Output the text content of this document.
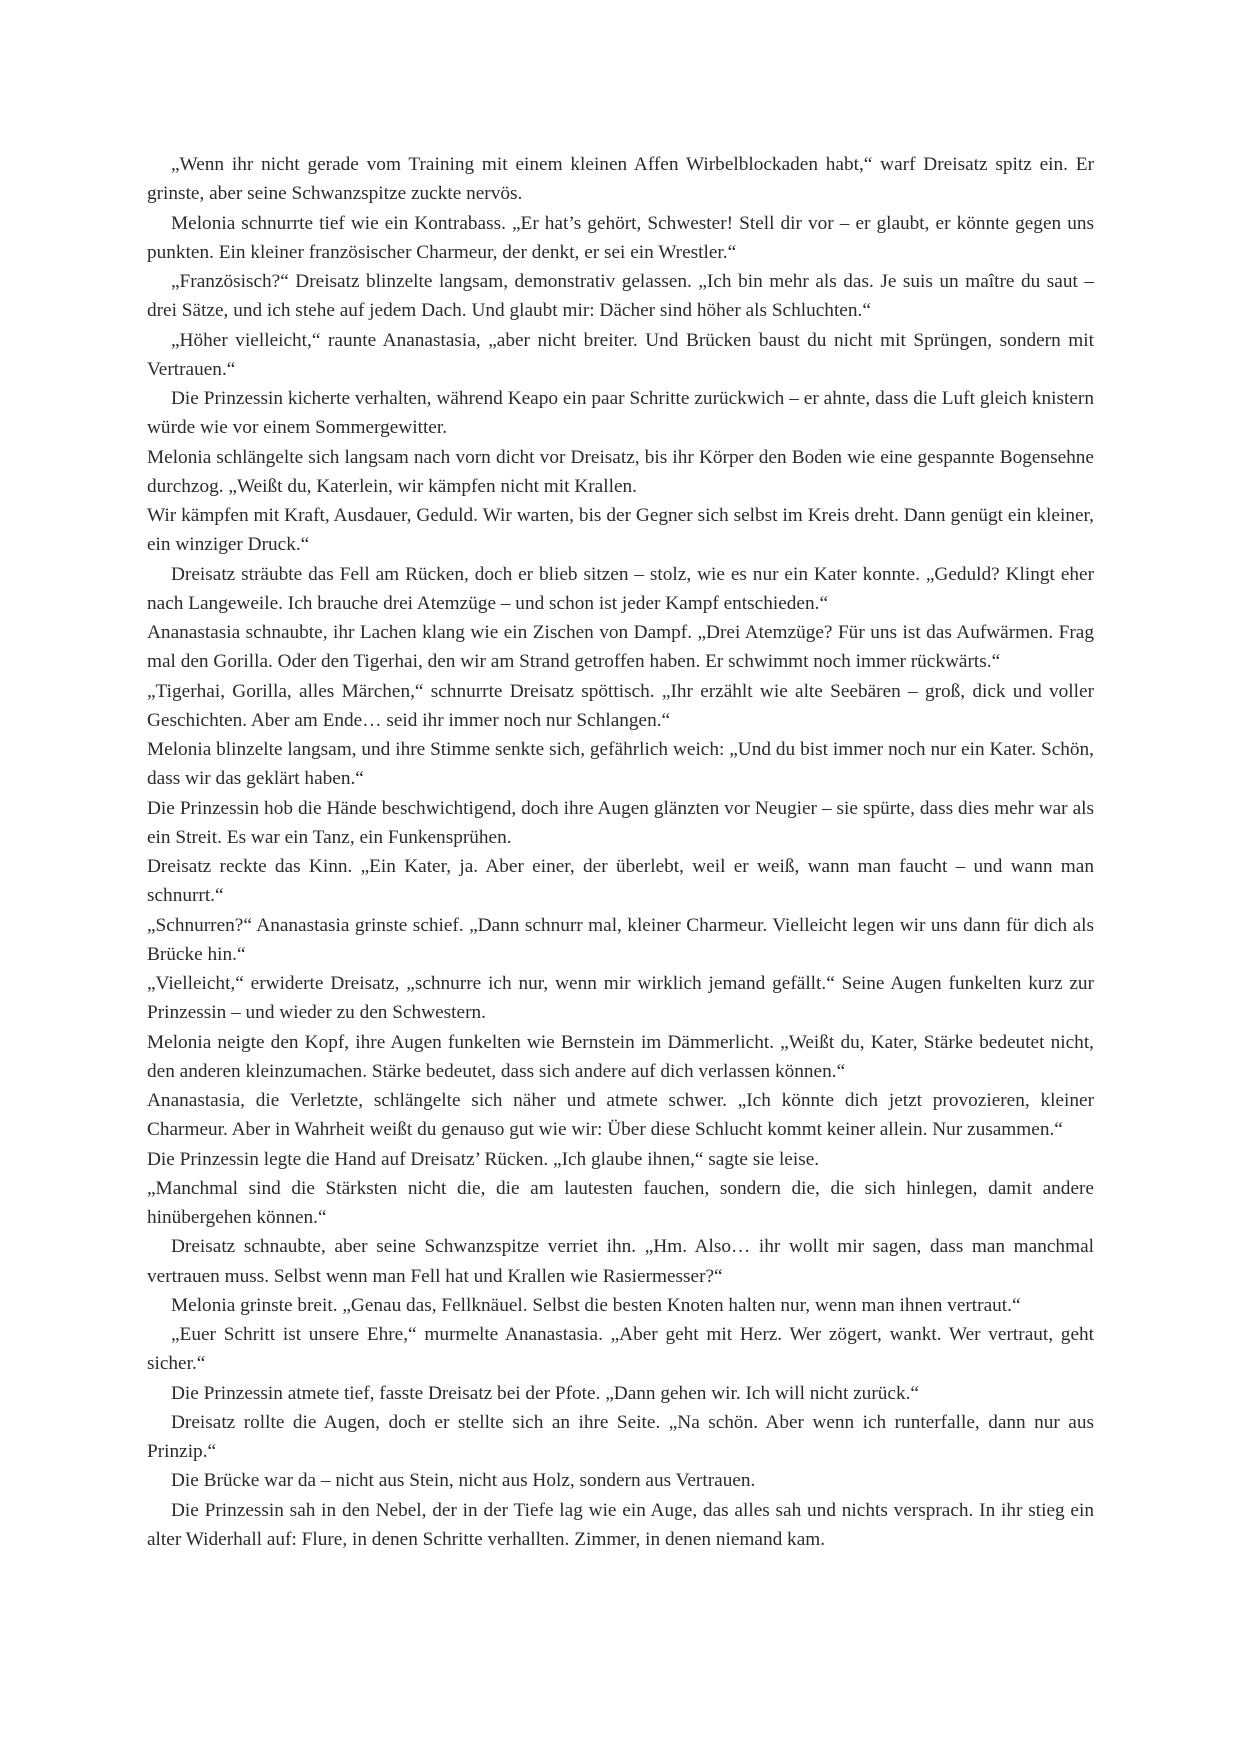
„Wenn ihr nicht gerade vom Training mit einem kleinen Affen Wirbelblockaden habt,“ warf Dreisatz spitz ein. Er grinste, aber seine Schwanzspitze zuckte nervös.

Melonia schnurrte tief wie ein Kontrabass. „Er hat’s gehört, Schwester! Stell dir vor – er glaubt, er könnte gegen uns punkten. Ein kleiner französischer Charmeur, der denkt, er sei ein Wrestler.“

„Französisch?“ Dreisatz blinzelte langsam, demonstrativ gelassen. „Ich bin mehr als das. Je suis un maître du saut – drei Sätze, und ich stehe auf jedem Dach. Und glaubt mir: Dächer sind höher als Schluchten.“

„Höher vielleicht,“ raunte Ananastasia, „aber nicht breiter. Und Brücken baust du nicht mit Sprüngen, sondern mit Vertrauen.“

Die Prinzessin kicherte verhalten, während Keapo ein paar Schritte zurückwich – er ahnte, dass die Luft gleich knistern würde wie vor einem Sommergewitter.

Melonia schlängelte sich langsam nach vorn dicht vor Dreisatz, bis ihr Körper den Boden wie eine gespannte Bogensehne durchzog. „Weißt du, Katerlein, wir kämpfen nicht mit Krallen.

Wir kämpfen mit Kraft, Ausdauer, Geduld. Wir warten, bis der Gegner sich selbst im Kreis dreht. Dann genügt ein kleiner, ein winziger Druck.“

Dreisatz sträubte das Fell am Rücken, doch er blieb sitzen – stolz, wie es nur ein Kater konnte. „Geduld? Klingt eher nach Langeweile. Ich brauche drei Atemzüge – und schon ist jeder Kampf entschieden.“

Ananastasia schnaubte, ihr Lachen klang wie ein Zischen von Dampf. „Drei Atemzüge? Für uns ist das Aufwärmen. Frag mal den Gorilla. Oder den Tigerhai, den wir am Strand getroffen haben. Er schwimmt noch immer rückwärts.“

„Tigerhai, Gorilla, alles Märchen,“ schnurrte Dreisatz spöttisch. „Ihr erzählt wie alte Seebären – groß, dick und voller Geschichten. Aber am Ende… seid ihr immer noch nur Schlangen.“

Melonia blinzelte langsam, und ihre Stimme senkte sich, gefährlich weich: „Und du bist immer noch nur ein Kater. Schön, dass wir das geklärt haben.“

Die Prinzessin hob die Hände beschwichtigend, doch ihre Augen glänzten vor Neugier – sie spürte, dass dies mehr war als ein Streit. Es war ein Tanz, ein Funkensprühen.

Dreisatz reckte das Kinn. „Ein Kater, ja. Aber einer, der überlebt, weil er weiß, wann man faucht – und wann man schnurrt.“

„Schnurren?“ Ananastasia grinste schief. „Dann schnurr mal, kleiner Charmeur. Vielleicht legen wir uns dann für dich als Brücke hin.“

„Vielleicht,“ erwiderte Dreisatz, „schnurre ich nur, wenn mir wirklich jemand gefällt.“ Seine Augen funkelten kurz zur Prinzessin – und wieder zu den Schwestern.

Melonia neigte den Kopf, ihre Augen funkelten wie Bernstein im Dämmerlicht. „Weißt du, Kater, Stärke bedeutet nicht, den anderen kleinzumachen. Stärke bedeutet, dass sich andere auf dich verlassen können.“

Ananastasia, die Verletzte, schlängelte sich näher und atmete schwer. „Ich könnte dich jetzt provozieren, kleiner Charmeur. Aber in Wahrheit weißt du genauso gut wie wir: Über diese Schlucht kommt keiner allein. Nur zusammen.“

Die Prinzessin legte die Hand auf Dreisatz’ Rücken. „Ich glaube ihnen,“ sagte sie leise.

„Manchmal sind die Stärksten nicht die, die am lautesten fauchen, sondern die, die sich hinlegen, damit andere hinübergehen können.“

Dreisatz schnaubte, aber seine Schwanzspitze verriet ihn. „Hm. Also… ihr wollt mir sagen, dass man manchmal vertrauen muss. Selbst wenn man Fell hat und Krallen wie Rasiermesser?“

Melonia grinste breit. „Genau das, Fellknäuel. Selbst die besten Knoten halten nur, wenn man ihnen vertraut.“

„Euer Schritt ist unsere Ehre,“ murmelte Ananastasia. „Aber geht mit Herz. Wer zögert, wankt. Wer vertraut, geht sicher.“

Die Prinzessin atmete tief, fasste Dreisatz bei der Pfote. „Dann gehen wir. Ich will nicht zurück.“

Dreisatz rollte die Augen, doch er stellte sich an ihre Seite. „Na schön. Aber wenn ich runterfalle, dann nur aus Prinzip.“

Die Brücke war da – nicht aus Stein, nicht aus Holz, sondern aus Vertrauen.

Die Prinzessin sah in den Nebel, der in der Tiefe lag wie ein Auge, das alles sah und nichts versprach. In ihr stieg ein alter Widerhall auf: Flure, in denen Schritte verhallten. Zimmer, in denen niemand kam.
